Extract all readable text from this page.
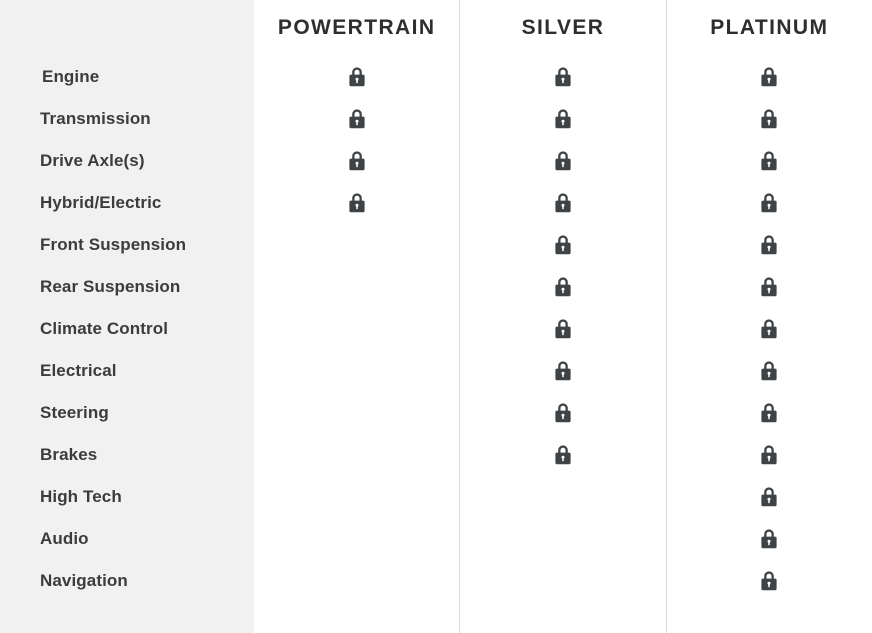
Engine
Transmission
Drive Axle(s)
Hybrid/Electric
Front Suspension
Rear Suspension
Climate Control
Electrical
Steering
Brakes
High Tech
Audio
Navigation
POWERTRAIN	SILVER	PLATINUM
